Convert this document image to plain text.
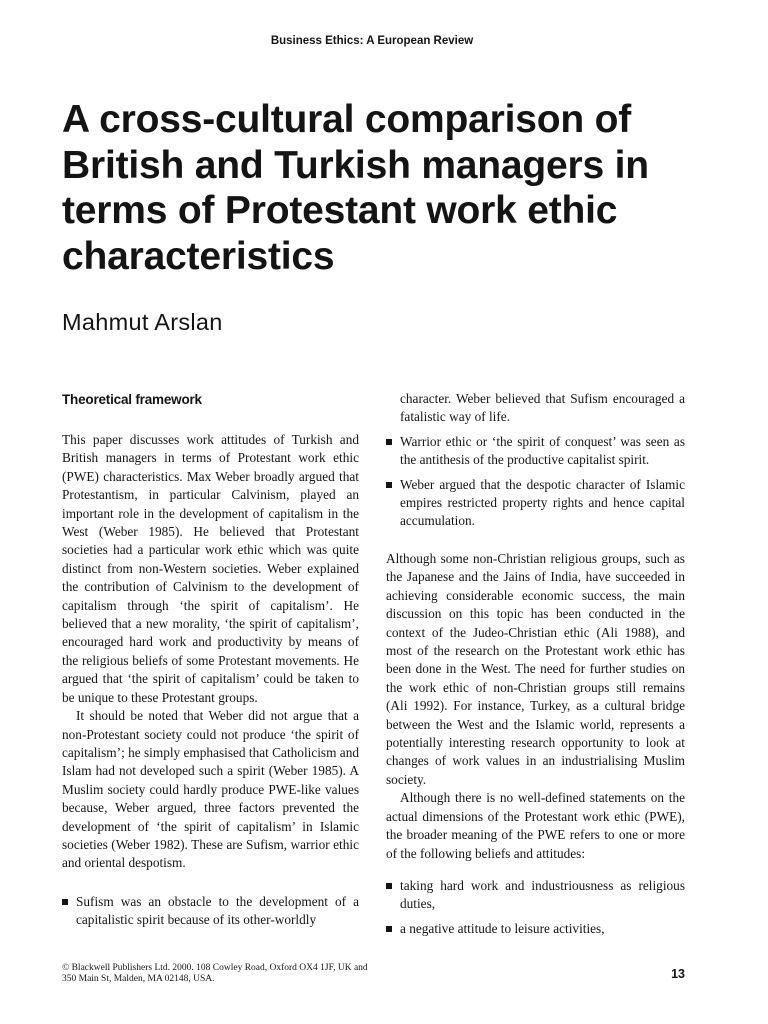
Business Ethics: A European Review
A cross-cultural comparison of British and Turkish managers in terms of Protestant work ethic characteristics
Mahmut Arslan
Theoretical framework

This paper discusses work attitudes of Turkish and British managers in terms of Protestant work ethic (PWE) characteristics. Max Weber broadly argued that Protestantism, in particular Calvinism, played an important role in the development of capitalism in the West (Weber 1985). He believed that Protestant societies had a particular work ethic which was quite distinct from non-Western societies. Weber explained the contribution of Calvinism to the development of capitalism through ‘the spirit of capitalism’. He believed that a new morality, ‘the spirit of capitalism’, encouraged hard work and productivity by means of the religious beliefs of some Protestant movements. He argued that ‘the spirit of capitalism’ could be taken to be unique to these Protestant groups.

It should be noted that Weber did not argue that a non-Protestant society could not produce ‘the spirit of capitalism’; he simply emphasised that Catholicism and Islam had not developed such a spirit (Weber 1985). A Muslim society could hardly produce PWE-like values because, Weber argued, three factors prevented the development of ‘the spirit of capitalism’ in Islamic societies (Weber 1982). These are Sufism, warrior ethic and oriental despotism.

Sufism was an obstacle to the development of a capitalistic spirit because of its other-worldly
character. Weber believed that Sufism encouraged a fatalistic way of life.
Warrior ethic or ‘the spirit of conquest’ was seen as the antithesis of the productive capitalist spirit.
Weber argued that the despotic character of Islamic empires restricted property rights and hence capital accumulation.

Although some non-Christian religious groups, such as the Japanese and the Jains of India, have succeeded in achieving considerable economic success, the main discussion on this topic has been conducted in the context of the Judeo-Christian ethic (Ali 1988), and most of the research on the Protestant work ethic has been done in the West. The need for further studies on the work ethic of non-Christian groups still remains (Ali 1992). For instance, Turkey, as a cultural bridge between the West and the Islamic world, represents a potentially interesting research opportunity to look at changes of work values in an industrialising Muslim society.

Although there is no well-defined statements on the actual dimensions of the Protestant work ethic (PWE), the broader meaning of the PWE refers to one or more of the following beliefs and attitudes:

taking hard work and industriousness as religious duties,
a negative attitude to leisure activities,
© Blackwell Publishers Ltd. 2000. 108 Cowley Road, Oxford OX4 1JF, UK and 350 Main St, Malden, MA 02148, USA.	13
